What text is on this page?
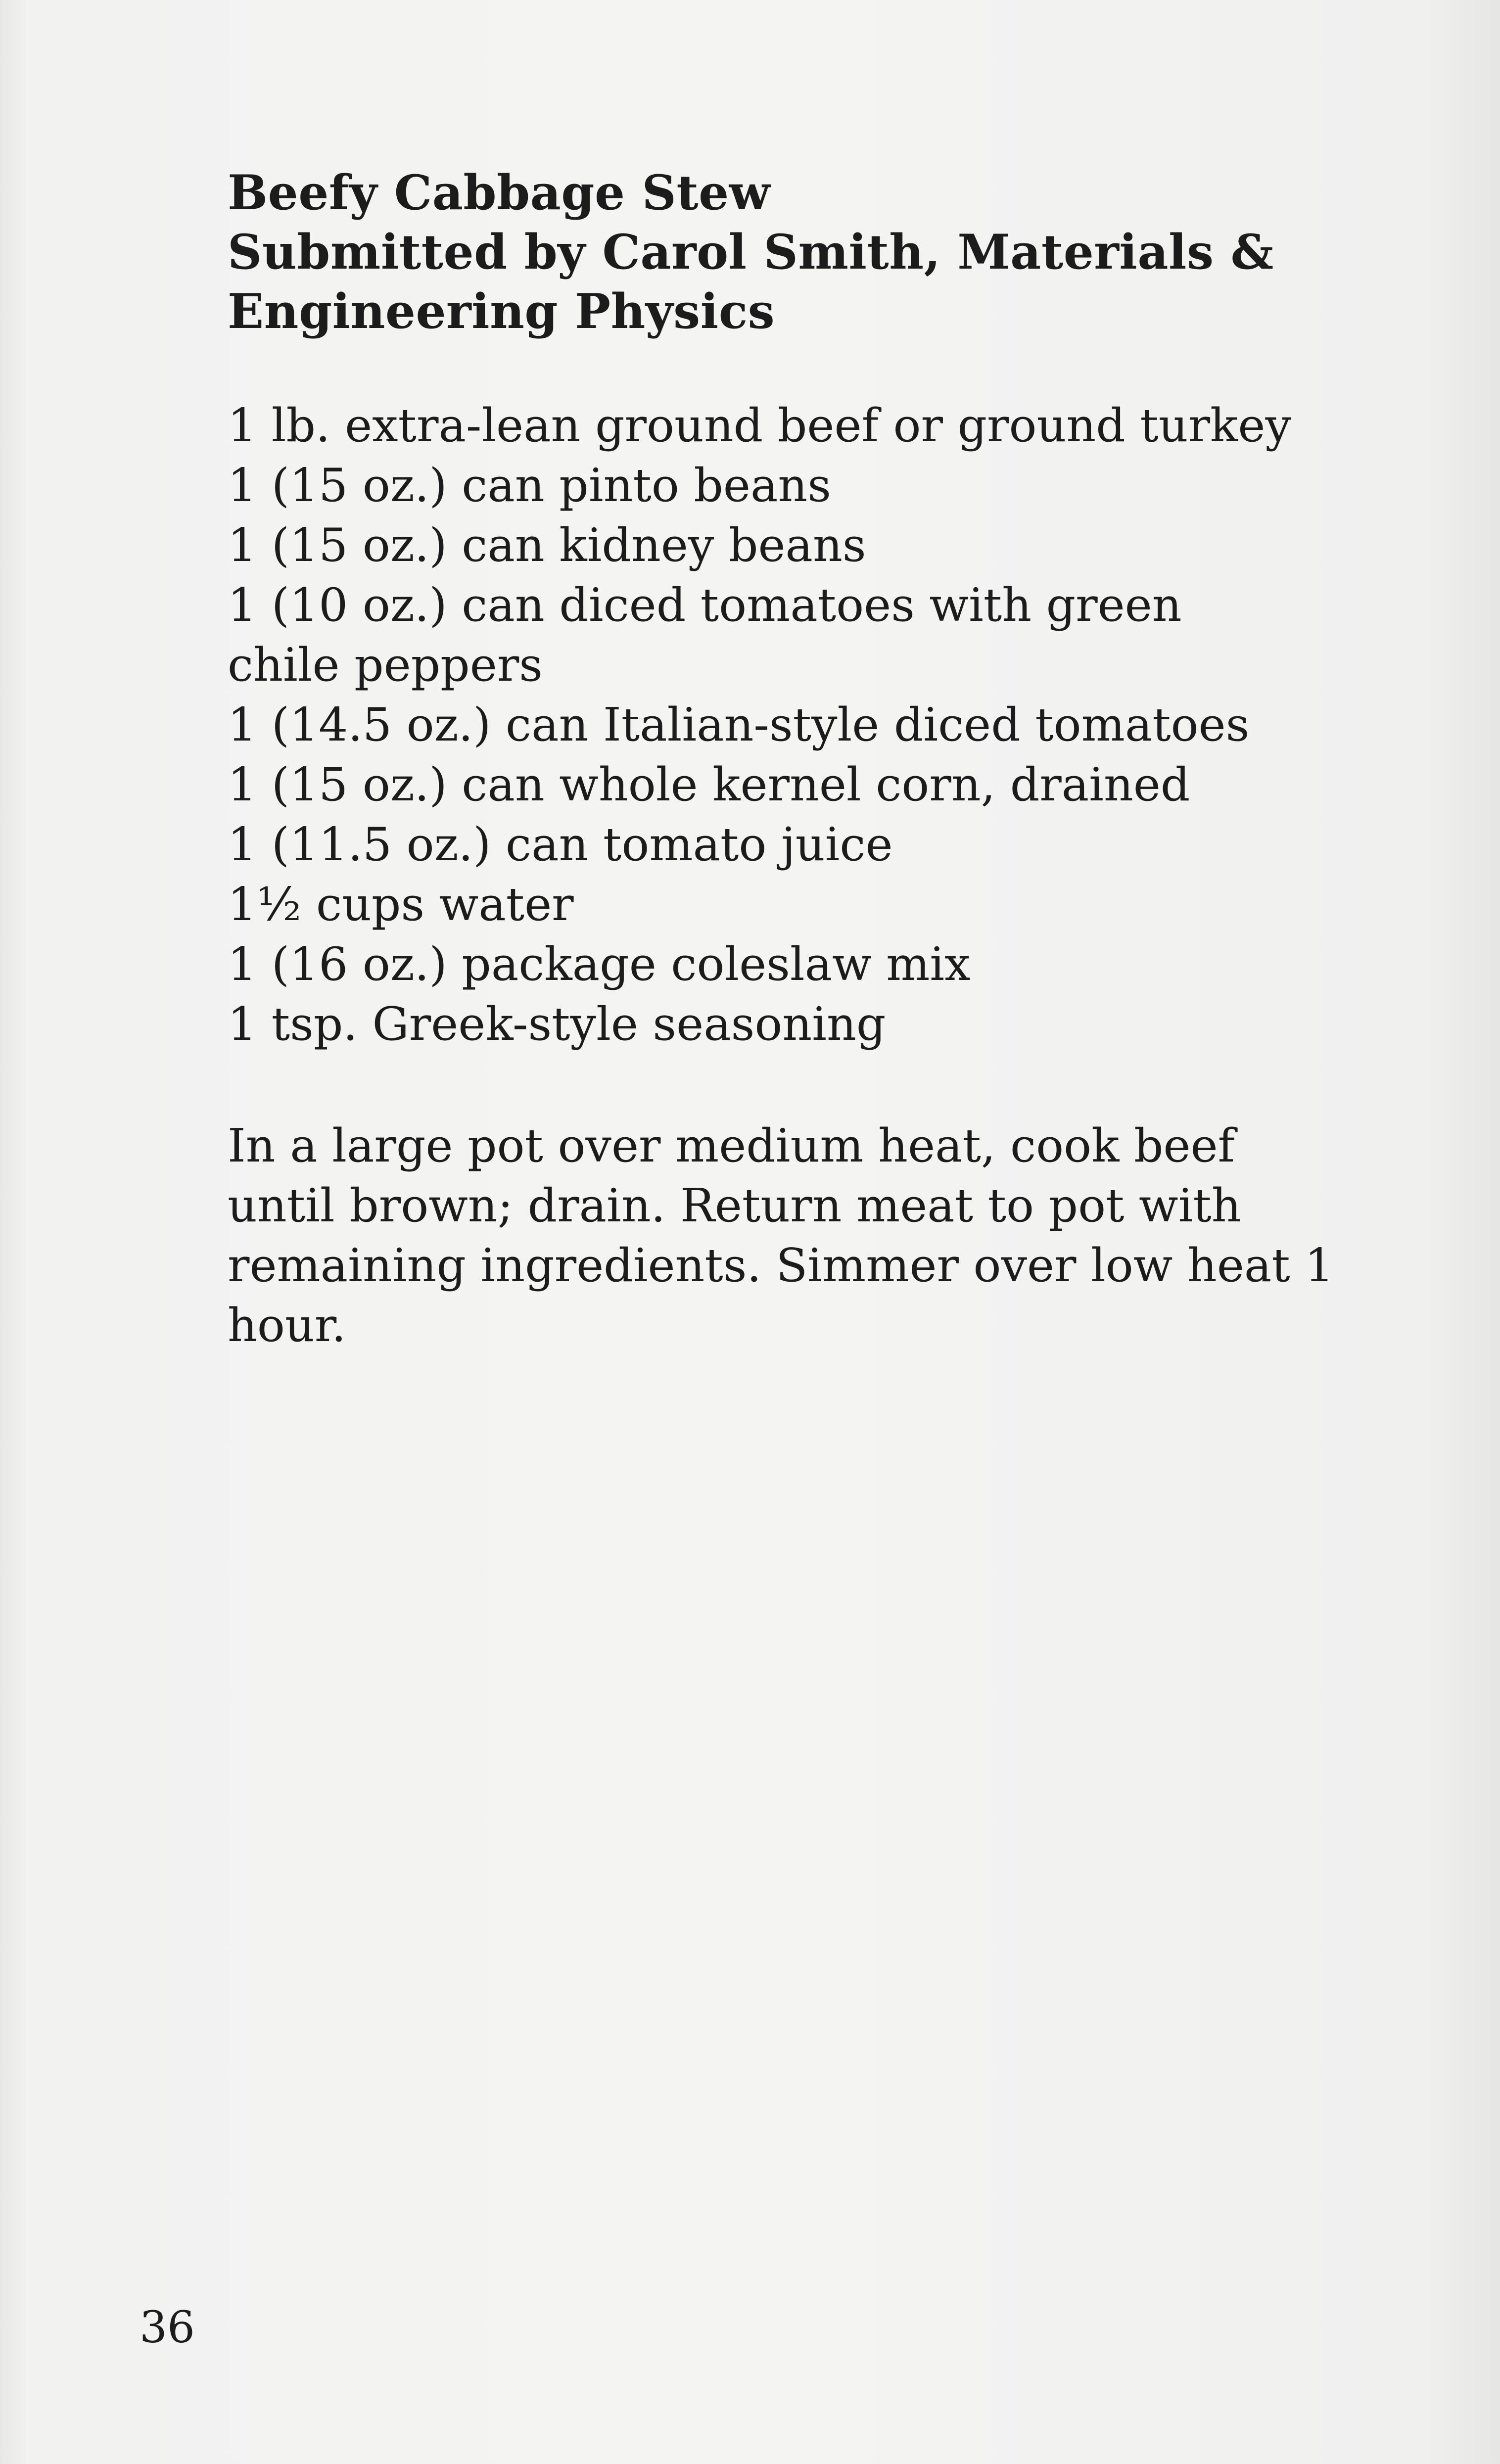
Beefy Cabbage Stew
Submitted by Carol Smith, Materials &
Engineering Physics
1 lb. extra-lean ground beef or ground turkey
1 (15 oz.) can pinto beans
1 (15 oz.) can kidney beans
1 (10 oz.) can diced tomatoes with green chile peppers
1 (14.5 oz.) can Italian-style diced tomatoes
1 (15 oz.) can whole kernel corn, drained
1 (11.5 oz.) can tomato juice
1½ cups water
1 (16 oz.) package coleslaw mix
1 tsp. Greek-style seasoning
In a large pot over medium heat, cook beef until brown; drain. Return meat to pot with remaining ingredients. Simmer over low heat 1 hour.
36
